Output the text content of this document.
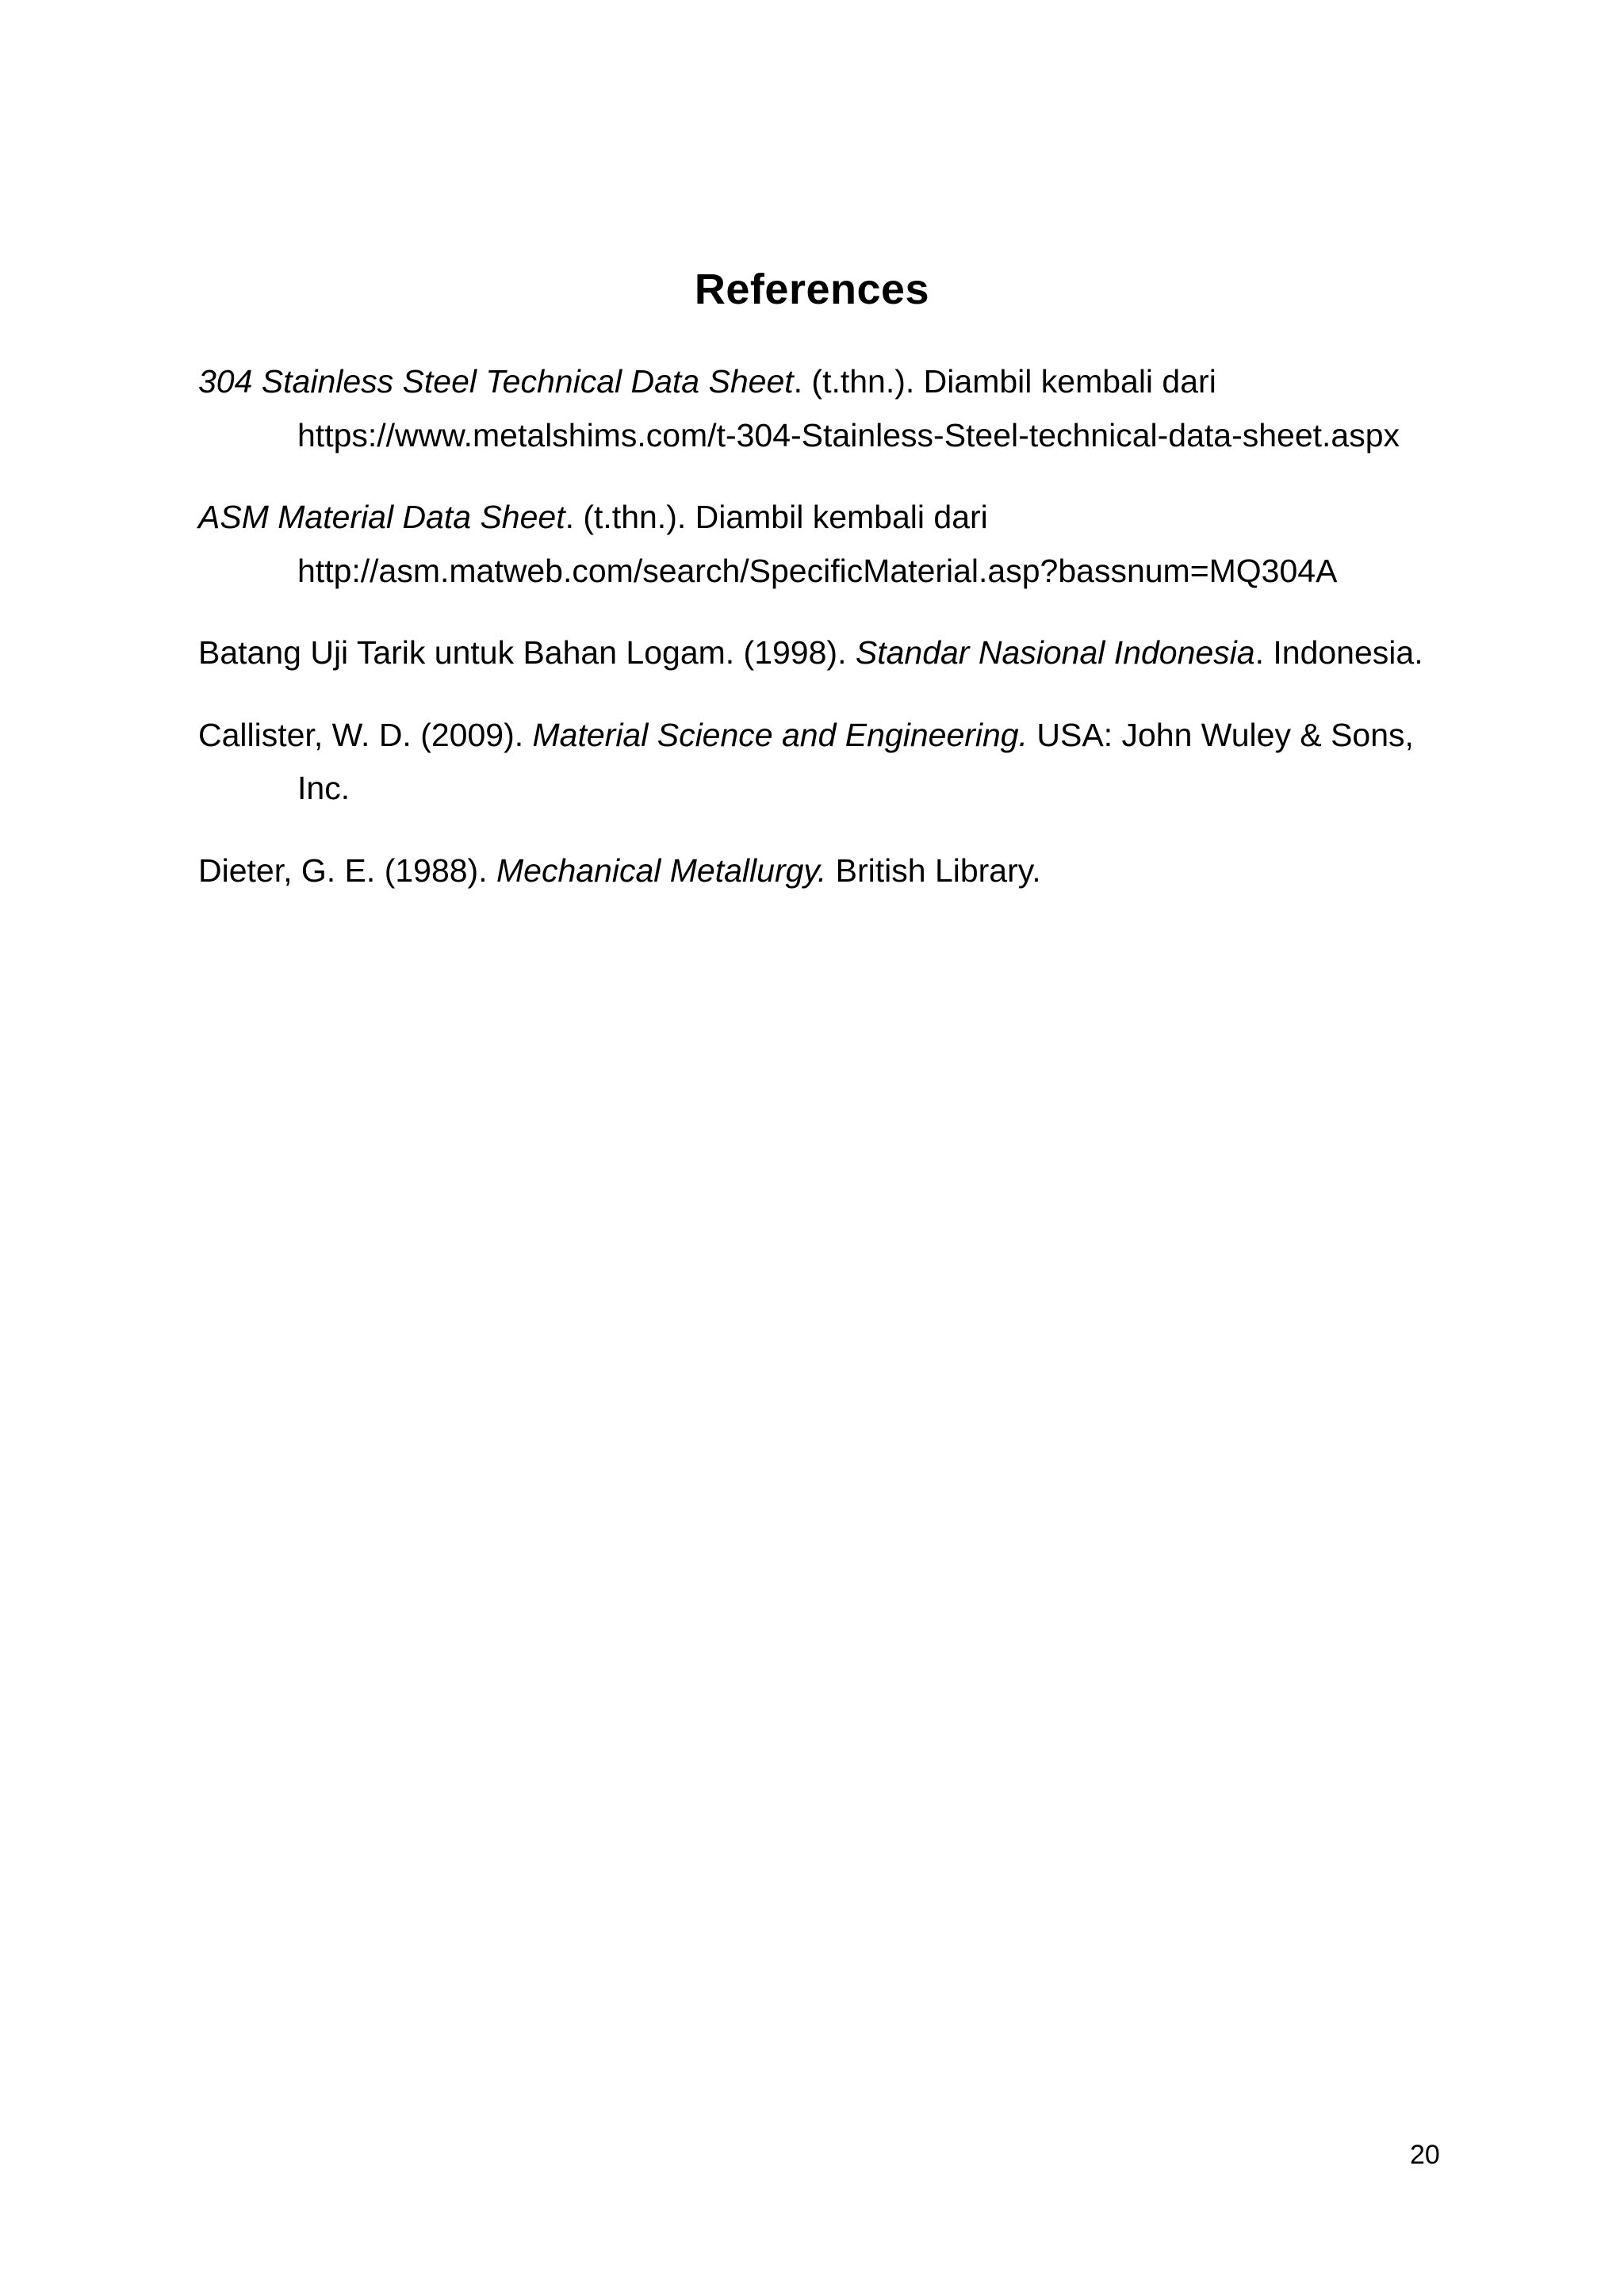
References

304 Stainless Steel Technical Data Sheet. (t.thn.). Diambil kembali dari https://www.metalshims.com/t-304-Stainless-Steel-technical-data-sheet.aspx

ASM Material Data Sheet. (t.thn.). Diambil kembali dari http://asm.matweb.com/search/SpecificMaterial.asp?bassnum=MQ304A

Batang Uji Tarik untuk Bahan Logam. (1998). Standar Nasional Indonesia. Indonesia.

Callister, W. D. (2009). Material Science and Engineering. USA: John Wuley & Sons, Inc.

Dieter, G. E. (1988). Mechanical Metallurgy. British Library.

20
